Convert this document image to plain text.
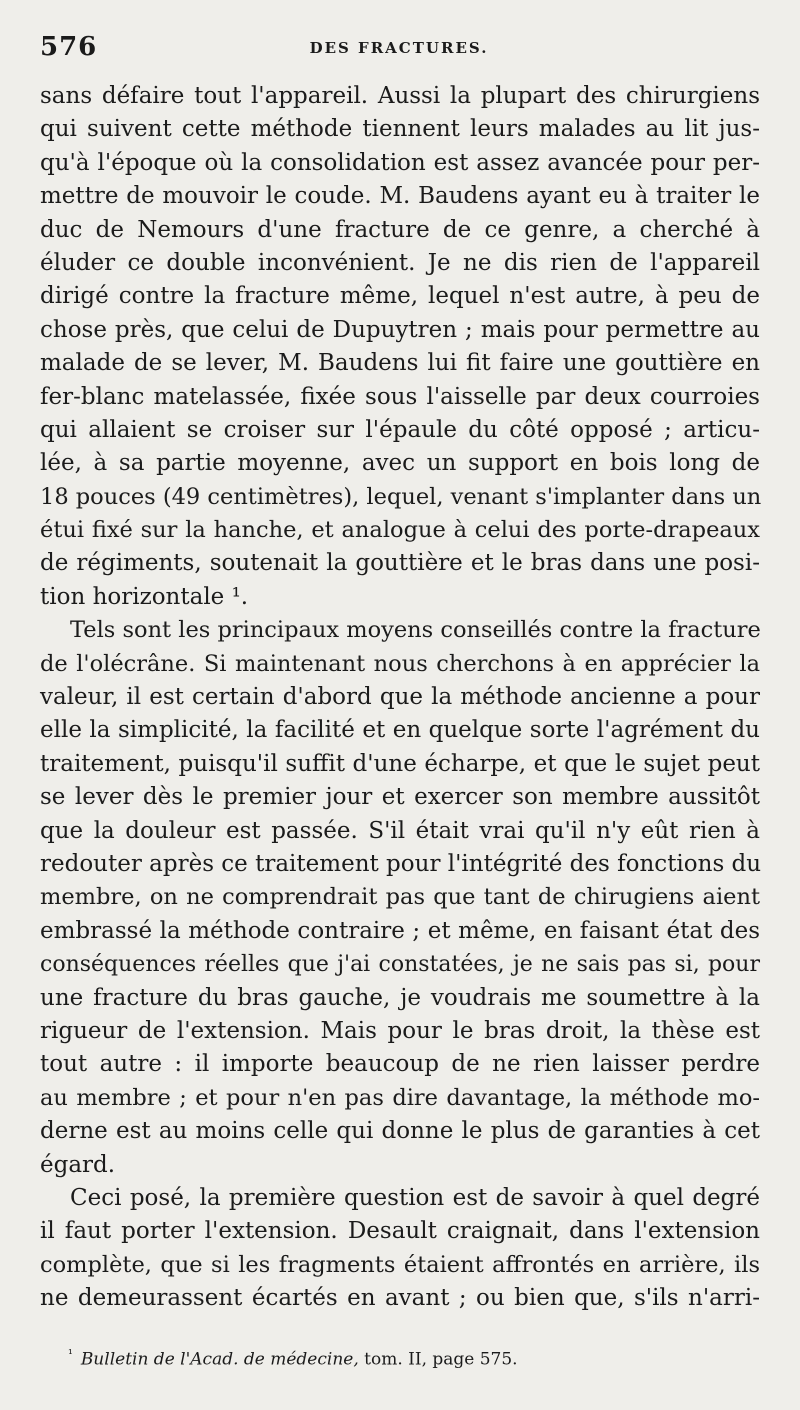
576	DES FRACTURES.
sans défaire tout l'appareil. Aussi la plupart des chirurgiens
qui suivent cette méthode tiennent leurs malades au lit jus-
qu'à l'époque où la consolidation est assez avancée pour per-
mettre de mouvoir le coude. M. Baudens ayant eu à traiter le
duc de Nemours d'une fracture de ce genre, a cherché à
éluder ce double inconvénient. Je ne dis rien de l'appareil
dirigé contre la fracture même, lequel n'est autre, à peu de
chose près, que celui de Dupuytren ; mais pour permettre au
malade de se lever, M. Baudens lui fit faire une gouttière en
fer-blanc matelassée, fixée sous l'aisselle par deux courroies
qui allaient se croiser sur l'épaule du côté opposé ; articu-
lée, à sa partie moyenne, avec un support en bois long de
18 pouces (49 centimètres), lequel, venant s'implanter dans un
étui fixé sur la hanche, et analogue à celui des porte-drapeaux
de régiments, soutenait la gouttière et le bras dans une posi-
tion horizontale ¹.
Tels sont les principaux moyens conseillés contre la fracture
de l'olécrâne. Si maintenant nous cherchons à en apprécier la
valeur, il est certain d'abord que la méthode ancienne a pour
elle la simplicité, la facilité et en quelque sorte l'agrément du
traitement, puisqu'il suffit d'une écharpe, et que le sujet peut
se lever dès le premier jour et exercer son membre aussitôt
que la douleur est passée. S'il était vrai qu'il n'y eût rien à
redouter après ce traitement pour l'intégrité des fonctions du
membre, on ne comprendrait pas que tant de chirugiens aient
embrassé la méthode contraire ; et même, en faisant état des
conséquences réelles que j'ai constatées, je ne sais pas si, pour
une fracture du bras gauche, je voudrais me soumettre à la
rigueur de l'extension. Mais pour le bras droit, la thèse est
tout autre : il importe beaucoup de ne rien laisser perdre
au membre ; et pour n'en pas dire davantage, la méthode mo-
derne est au moins celle qui donne le plus de garanties à cet
égard.
Ceci posé, la première question est de savoir à quel degré
il faut porter l'extension. Desault craignait, dans l'extension
complète, que si les fragments étaient affrontés en arrière, ils
ne demeurassent écartés en avant ; ou bien que, s'ils n'arri-
$^{^1}$ Bulletin de l'Acad. de médecine, tom. II, page 575.
